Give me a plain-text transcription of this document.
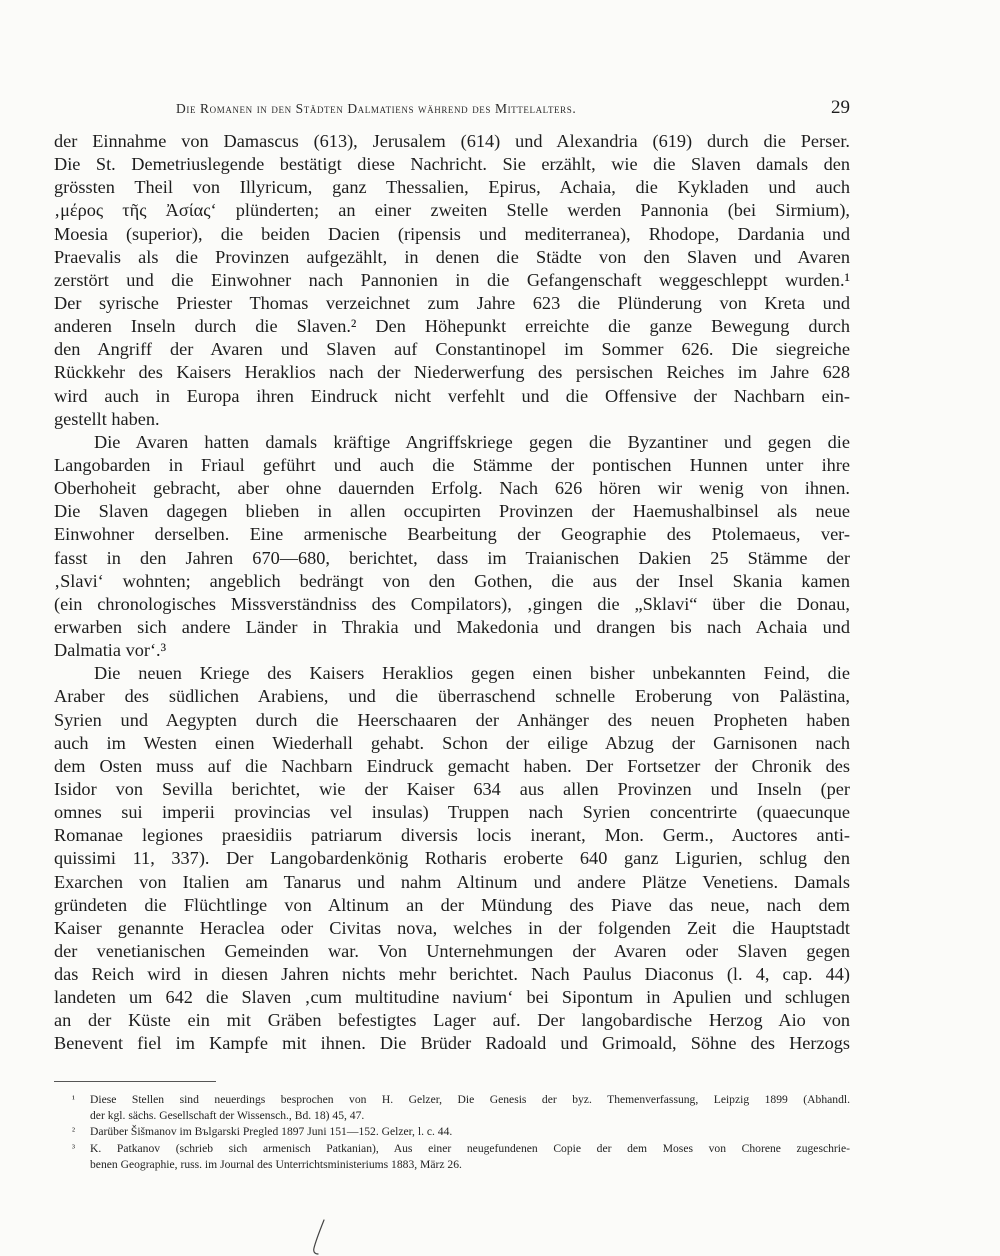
Die Romanen in den Städten Dalmatiens während des Mittelalters.	29
der Einnahme von Damascus (613), Jerusalem (614) und Alexandria (619) durch die Perser.
Die St. Demetriuslegende bestätigt diese Nachricht. Sie erzählt, wie die Slaven damals den
grössten Theil von Illyricum, ganz Thessalien, Epirus, Achaia, die Kykladen und auch
‚μέρος τῆς Ἀσίας‘ plünderten; an einer zweiten Stelle werden Pannonia (bei Sirmium),
Moesia (superior), die beiden Dacien (ripensis und mediterranea), Rhodope, Dardania und
Praevalis als die Provinzen aufgezählt, in denen die Städte von den Slaven und Avaren
zerstört und die Einwohner nach Pannonien in die Gefangenschaft weggeschleppt wurden.¹
Der syrische Priester Thomas verzeichnet zum Jahre 623 die Plünderung von Kreta und
anderen Inseln durch die Slaven.² Den Höhepunkt erreichte die ganze Bewegung durch
den Angriff der Avaren und Slaven auf Constantinopel im Sommer 626. Die siegreiche
Rückkehr des Kaisers Heraklios nach der Niederwerfung des persischen Reiches im Jahre 628
wird auch in Europa ihren Eindruck nicht verfehlt und die Offensive der Nachbarn ein-
gestellt haben.
Die Avaren hatten damals kräftige Angriffskriege gegen die Byzantiner und gegen die
Langobarden in Friaul geführt und auch die Stämme der pontischen Hunnen unter ihre
Oberhoheit gebracht, aber ohne dauernden Erfolg. Nach 626 hören wir wenig von ihnen.
Die Slaven dagegen blieben in allen occupirten Provinzen der Haemushalbinsel als neue
Einwohner derselben. Eine armenische Bearbeitung der Geographie des Ptolemaeus, ver-
fasst in den Jahren 670—680, berichtet, dass im Traianischen Dakien 25 Stämme der
‚Slavi‘ wohnten; angeblich bedrängt von den Gothen, die aus der Insel Skania kamen
(ein chronologisches Missverständniss des Compilators), ‚gingen die „Sklavi“ über die Donau,
erwarben sich andere Länder in Thrakia und Makedonia und drangen bis nach Achaia und
Dalmatia vor‘.³
Die neuen Kriege des Kaisers Heraklios gegen einen bisher unbekannten Feind, die
Araber des südlichen Arabiens, und die überraschend schnelle Eroberung von Palästina,
Syrien und Aegypten durch die Heerschaaren der Anhänger des neuen Propheten haben
auch im Westen einen Wiederhall gehabt. Schon der eilige Abzug der Garnisonen nach
dem Osten muss auf die Nachbarn Eindruck gemacht haben. Der Fortsetzer der Chronik des
Isidor von Sevilla berichtet, wie der Kaiser 634 aus allen Provinzen und Inseln (per
omnes sui imperii provincias vel insulas) Truppen nach Syrien concentrirte (quaecunque
Romanae legiones praesidiis patriarum diversis locis inerant, Mon. Germ., Auctores anti-
quissimi 11, 337). Der Langobardenkönig Rotharis eroberte 640 ganz Ligurien, schlug den
Exarchen von Italien am Tanarus und nahm Altinum und andere Plätze Venetiens. Damals
gründeten die Flüchtlinge von Altinum an der Mündung des Piave das neue, nach dem
Kaiser genannte Heraclea oder Civitas nova, welches in der folgenden Zeit die Hauptstadt
der venetianischen Gemeinden war. Von Unternehmungen der Avaren oder Slaven gegen
das Reich wird in diesen Jahren nichts mehr berichtet. Nach Paulus Diaconus (l. 4, cap. 44)
landeten um 642 die Slaven ‚cum multitudine navium‘ bei Sipontum in Apulien und schlugen
an der Küste ein mit Gräben befestigtes Lager auf. Der langobardische Herzog Aio von
Benevent fiel im Kampfe mit ihnen. Die Brüder Radoald und Grimoald, Söhne des Herzogs
¹ Diese Stellen sind neuerdings besprochen von H. Gelzer, Die Genesis der byz. Themenverfassung, Leipzig 1899 (Abhandl.
der kgl. sächs. Gesellschaft der Wissensch., Bd. 18) 45, 47.
² Darüber Šišmanov im Bъlgarski Pregled 1897 Juni 151—152. Gelzer, l. c. 44.
³ K. Patkanov (schrieb sich armenisch Patkanian), Aus einer neugefundenen Copie der dem Moses von Chorene zugeschrie-
benen Geographie, russ. im Journal des Unterrichtsministeriums 1883, März 26.
